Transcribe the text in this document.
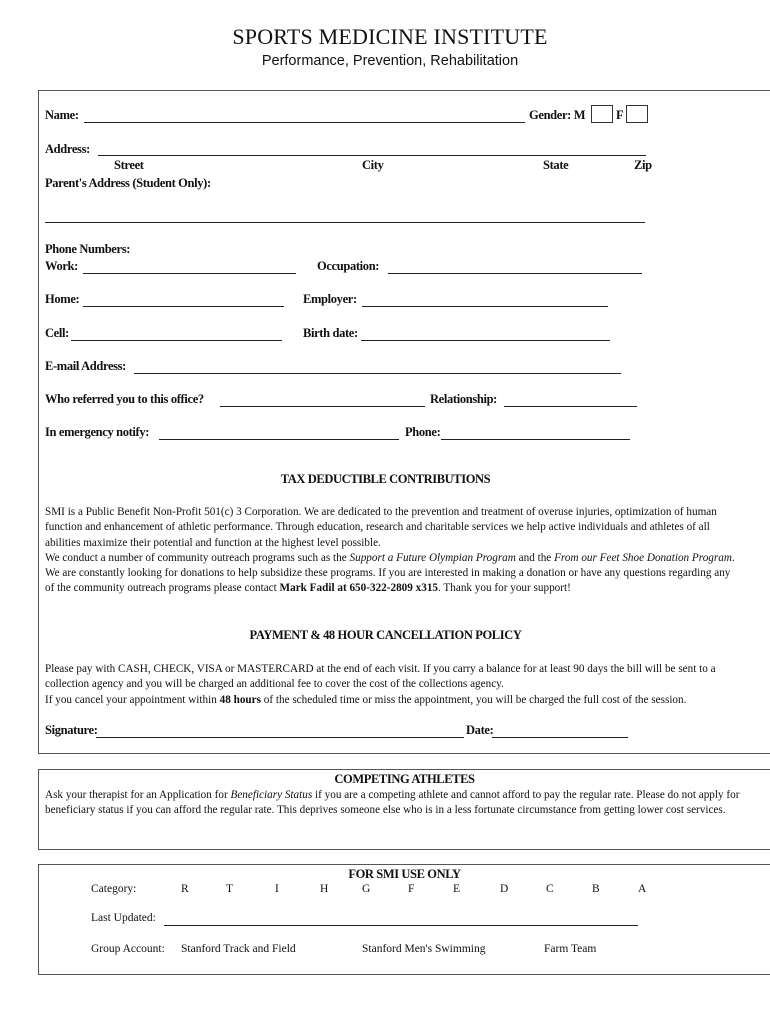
SPORTS MEDICINE INSTITUTE
Performance, Prevention, Rehabilitation
Name:	Gender: M F
Address:
Street	City	State	Zip
Parent's Address (Student Only):
Phone Numbers:
Work:	Occupation:
Home:	Employer:
Cell:	Birth date:
E-mail Address:
Who referred you to this office?	Relationship:
In emergency notify:	Phone:
TAX DEDUCTIBLE CONTRIBUTIONS
SMI is a Public Benefit Non-Profit 501(c) 3 Corporation. We are dedicated to the prevention and treatment of overuse injuries, optimization of human function and enhancement of athletic performance. Through education, research and charitable services we help active individuals and athletes of all abilities maximize their potential and function at the highest level possible.
We conduct a number of community outreach programs such as the Support a Future Olympian Program and the From our Feet Shoe Donation Program. We are constantly looking for donations to help subsidize these programs. If you are interested in making a donation or have any questions regarding any of the community outreach programs please contact Mark Fadil at 650-322-2809 x315. Thank you for your support!
PAYMENT & 48 HOUR CANCELLATION POLICY
Please pay with CASH, CHECK, VISA or MASTERCARD at the end of each visit. If you carry a balance for at least 90 days the bill will be sent to a collection agency and you will be charged an additional fee to cover the cost of the collections agency.
If you cancel your appointment within 48 hours of the scheduled time or miss the appointment, you will be charged the full cost of the session.
Signature:	Date:
COMPETING ATHLETES
Ask your therapist for an Application for Beneficiary Status if you are a competing athlete and cannot afford to pay the regular rate. Please do not apply for beneficiary status if you can afford the regular rate. This deprives someone else who is in a less fortunate circumstance from getting lower cost services.
FOR SMI USE ONLY
Category:	R	T	I	H	G	F	E	D	C	B	A
Last Updated:
Group Account: Stanford Track and Field	Stanford Men's Swimming	Farm Team
